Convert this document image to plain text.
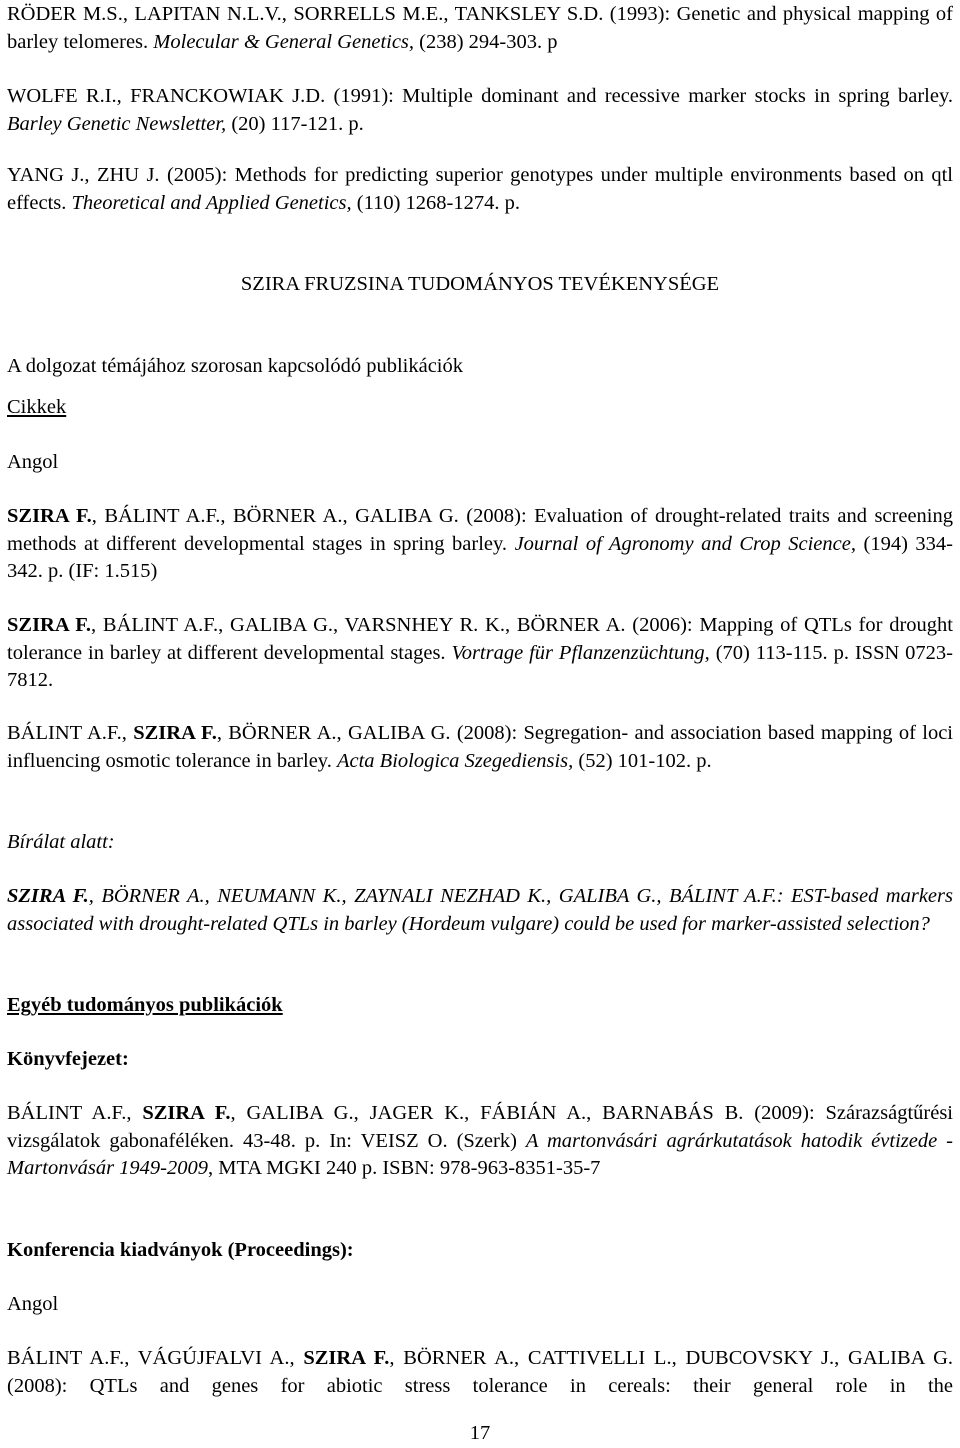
RÖDER M.S., LAPITAN N.L.V., SORRELLS M.E., TANKSLEY S.D. (1993): Genetic and physical mapping of barley telomeres. Molecular & General Genetics, (238) 294-303. p

WOLFE R.I., FRANCKOWIAK J.D. (1991): Multiple dominant and recessive marker stocks in spring barley. Barley Genetic Newsletter, (20) 117-121. p.

YANG J., ZHU J. (2005): Methods for predicting superior genotypes under multiple environments based on qtl effects. Theoretical and Applied Genetics, (110) 1268-1274. p.

SZIRA FRUZSINA TUDOMÁNYOS TEVÉKENYSÉGE

A dolgozat témájához szorosan kapcsolódó publikációk

Cikkek

Angol

SZIRA F., BÁLINT A.F., BÖRNER A., GALIBA G. (2008): Evaluation of drought-related traits and screening methods at different developmental stages in spring barley. Journal of Agronomy and Crop Science, (194) 334-342. p. (IF: 1.515)

SZIRA F., BÁLINT A.F., GALIBA G., VARSNHEY R. K., BÖRNER A. (2006): Mapping of QTLs for drought tolerance in barley at different developmental stages. Vortrage für Pflanzenzüchtung, (70) 113-115. p. ISSN 0723-7812.

BÁLINT A.F., SZIRA F., BÖRNER A., GALIBA G. (2008): Segregation- and association based mapping of loci influencing osmotic tolerance in barley. Acta Biologica Szegediensis, (52) 101-102. p.

Bírálat alatt:

SZIRA F., BÖRNER A., NEUMANN K., ZAYNALI NEZHAD K., GALIBA G., BÁLINT A.F.: EST-based markers associated with drought-related QTLs in barley (Hordeum vulgare) could be used for marker-assisted selection?

Egyéb tudományos publikációk

Könyvfejezet:

BÁLINT A.F., SZIRA F., GALIBA G., JAGER K., FÁBIÁN A., BARNABÁS B. (2009): Szárazságtűrési vizsgálatok gabonaféléken. 43-48. p. In: VEISZ O. (Szerk) A martonvásári agrárkutatások hatodik évtizede - Martonvásár 1949-2009, MTA MGKI 240 p. ISBN: 978-963-8351-35-7

Konferencia kiadványok (Proceedings):

Angol

BÁLINT A.F., VÁGÚJFALVI A., SZIRA F., BÖRNER A., CATTIVELLI L., DUBCOVSKY J., GALIBA G. (2008): QTLs and genes for abiotic stress tolerance in cereals: their general role in the

17
